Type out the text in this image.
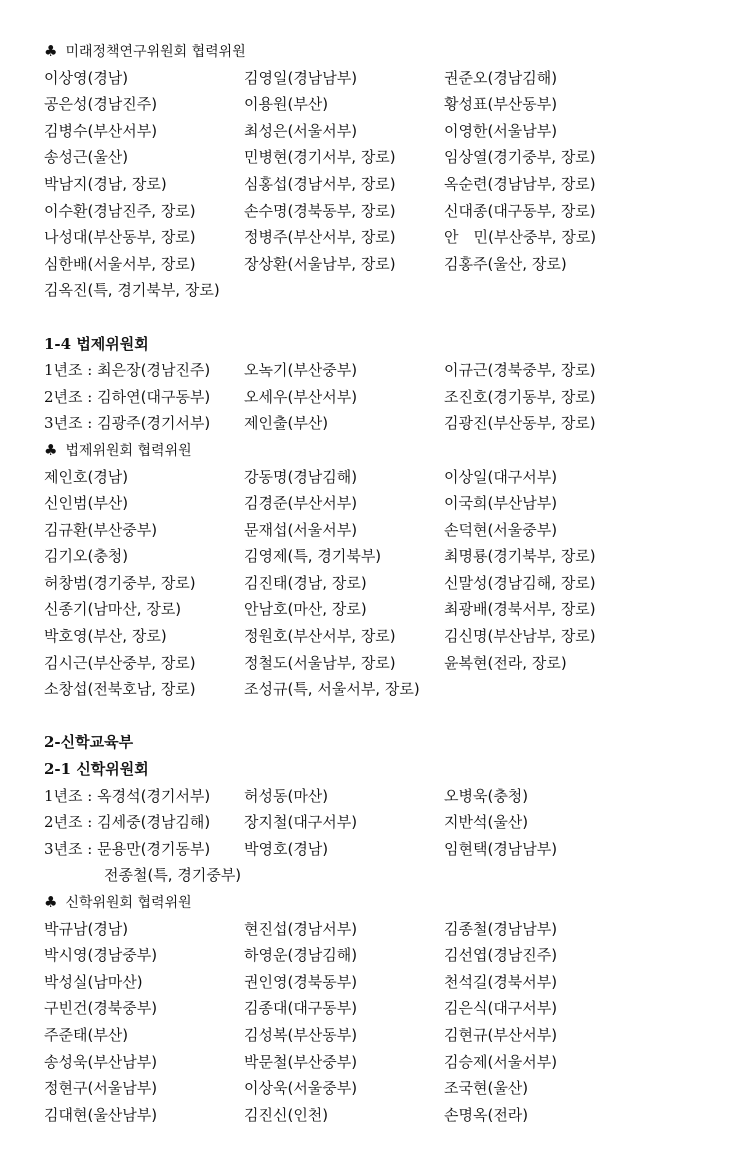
♣ 미래정책연구위원회 협력위원
이상영(경남)	김영일(경남남부)	권준오(경남김해)
공은성(경남진주)	이용원(부산)	황성표(부산동부)
김병수(부산서부)	최성은(서울서부)	이영한(서울남부)
송성근(울산)	민병현(경기서부, 장로)	임상열(경기중부, 장로)
박남지(경남, 장로)	심홍섭(경남서부, 장로)	옥순련(경남남부, 장로)
이수환(경남진주, 장로)	손수명(경북동부, 장로)	신대종(대구동부, 장로)
나성대(부산동부, 장로)	정병주(부산서부, 장로)	안　민(부산중부, 장로)
심한배(서울서부, 장로)	장상환(서울남부, 장로)	김홍주(울산, 장로)
김옥진(특, 경기북부, 장로)
1-4 법제위원회
1년조 : 최은장(경남진주) 오녹기(부산중부)	이규근(경북중부, 장로)
2년조 : 김하연(대구동부) 오세우(부산서부)	조진호(경기동부, 장로)
3년조 : 김광주(경기서부) 제인출(부산)	김광진(부산동부, 장로)
♣ 법제위원회 협력위원
제인호(경남)	강동명(경남김해)	이상일(대구서부)
신인범(부산)	김경준(부산서부)	이국희(부산남부)
김규환(부산중부)	문재섭(서울서부)	손덕현(서울중부)
김기오(충청)	김영제(특, 경기북부)	최명룡(경기북부, 장로)
허창범(경기중부, 장로)	김진태(경남, 장로)	신말성(경남김해, 장로)
신종기(남마산, 장로)	안남호(마산, 장로)	최광배(경북서부, 장로)
박호영(부산, 장로)	정원호(부산서부, 장로)	김신명(부산남부, 장로)
김시근(부산중부, 장로)	정철도(서울남부, 장로)	윤복현(전라, 장로)
소창섭(전북호남, 장로)	조성규(특, 서울서부, 장로)
2-신학교육부
2-1 신학위원회
1년조 : 옥경석(경기서부) 허성동(마산)	오병욱(충청)
2년조 : 김세중(경남김해) 장지철(대구서부)	지반석(울산)
3년조 : 문용만(경기동부) 박영호(경남)	임현택(경남남부)
전종철(특, 경기중부)
♣ 신학위원회 협력위원
박규남(경남)	현진섭(경남서부)	김종철(경남남부)
박시영(경남중부)	하영운(경남김해)	김선엽(경남진주)
박성실(남마산)	권인영(경북동부)	천석길(경북서부)
구빈건(경북중부)	김종대(대구동부)	김은식(대구서부)
주준태(부산)	김성복(부산동부)	김현규(부산서부)
송성욱(부산남부)	박문철(부산중부)	김승제(서울서부)
정현구(서울남부)	이상욱(서울중부)	조국현(울산)
김대현(울산남부)	김진신(인천)	손명옥(전라)
